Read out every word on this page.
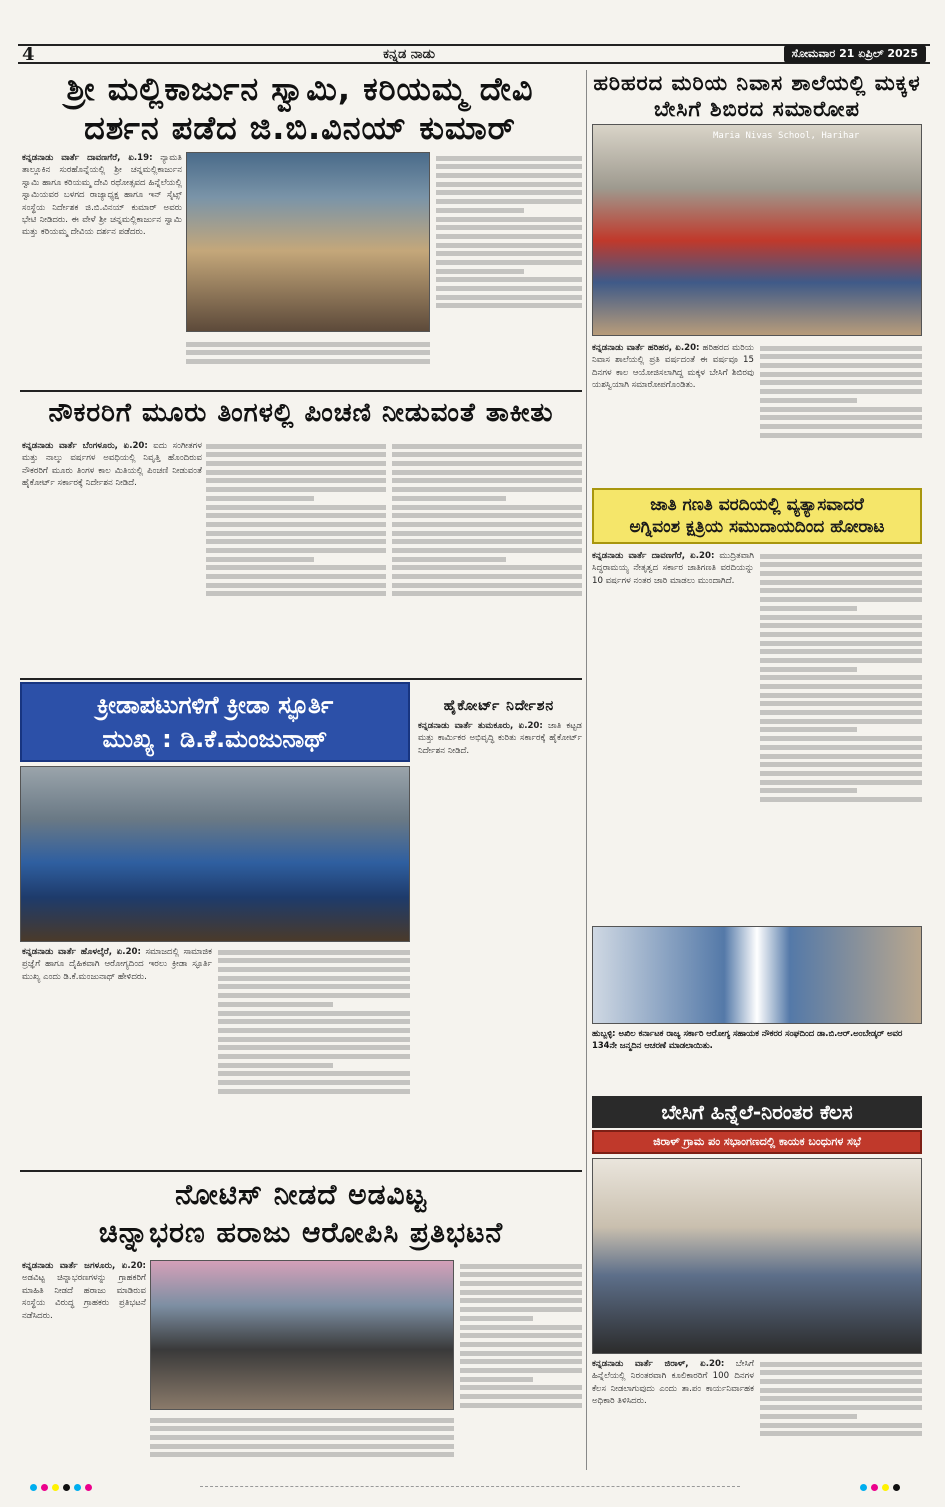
4	ಕನ್ನಡ ನಾಡು	ಸೋಮವಾರ 21 ಏಪ್ರಿಲ್ 2025
ಶ್ರೀ ಮಲ್ಲಿಕಾರ್ಜುನ ಸ್ವಾಮಿ, ಕರಿಯಮ್ಮ ದೇವಿ
ದರ್ಶನ ಪಡೆದ ಜಿ.ಬಿ.ವಿನಯ್ ಕುಮಾರ್
ಕನ್ನಡನಾಡು ವಾರ್ತೆ ದಾವಣಗೆರೆ, ಏ.19: ನ್ಯಾಮತಿ ತಾಲ್ಲೂಕಿನ ಸುರಹೊನ್ನೆಯಲ್ಲಿ ಶ್ರೀ ಚನ್ನಮಲ್ಲಿಕಾರ್ಜುನ ಸ್ವಾಮಿ ಹಾಗೂ ಕರಿಯಮ್ಮ ದೇವಿ ರಥೋತ್ಸವದ ಹಿನ್ನೆಲೆಯಲ್ಲಿ ಸ್ವಾಮಿಯವರ ಬಳಗದ ರಾಜ್ಯಾಧ್ಯಕ್ಷ ಹಾಗೂ ಇನ್ ಸೈಟ್ಸ್ ಸಂಸ್ಥೆಯ ನಿರ್ದೇಶಕ ಜಿ.ಬಿ.ವಿನಯ್ ಕುಮಾರ್ ಅವರು ಭೇಟಿ ನೀಡಿದರು. ಈ ವೇಳೆ ಶ್ರೀ ಚನ್ನಮಲ್ಲಿಕಾರ್ಜುನ ಸ್ವಾಮಿ ಮತ್ತು ಕರಿಯಮ್ಮ ದೇವಿಯ ದರ್ಶನ ಪಡೆದರು.
ನೌಕರರಿಗೆ ಮೂರು ತಿಂಗಳಲ್ಲಿ ಪಿಂಚಣಿ ನೀಡುವಂತೆ ತಾಕೀತು
ಕನ್ನಡನಾಡು ವಾರ್ತೆ ಬೆಂಗಳೂರು, ಏ.20: ಐದು ಸಂಗೀತಗಳ ಮತ್ತು ನಾಲ್ಕು ವರ್ಷಗಳ ಅವಧಿಯಲ್ಲಿ ನಿವೃತ್ತಿ ಹೊಂದಿರುವ ನೌಕರರಿಗೆ ಮೂರು ತಿಂಗಳ ಕಾಲ ಮಿತಿಯಲ್ಲಿ ಪಿಂಚಣಿ ನೀಡುವಂತೆ ಹೈಕೋರ್ಟ್ ಸರ್ಕಾರಕ್ಕೆ ನಿರ್ದೇಶನ ನೀಡಿದೆ.
ಹರಿಹರದ ಮರಿಯ ನಿವಾಸ ಶಾಲೆಯಲ್ಲಿ ಮಕ್ಕಳ ಬೇಸಿಗೆ ಶಿಬಿರದ ಸಮಾರೋಪ
Maria Nivas School, Harihar
ಕನ್ನಡನಾಡು ವಾರ್ತೆ ಹರಿಹರ, ಏ.20: ಹರಿಹರದ ಮರಿಯ ನಿವಾಸ ಶಾಲೆಯಲ್ಲಿ ಪ್ರತಿ ವರ್ಷದಂತೆ ಈ ವರ್ಷವೂ 15 ದಿನಗಳ ಕಾಲ ಆಯೋಜಿಸಲಾಗಿದ್ದ ಮಕ್ಕಳ ಬೇಸಿಗೆ ಶಿಬಿರವು ಯಶಸ್ವಿಯಾಗಿ ಸಮಾರೋಪಗೊಂಡಿತು.
ಜಾತಿ ಗಣತಿ ವರದಿಯಲ್ಲಿ ವ್ಯತ್ಯಾಸವಾದರೆ
ಅಗ್ನಿವಂಶ ಕ್ಷತ್ರಿಯ ಸಮುದಾಯದಿಂದ ಹೋರಾಟ
ಕನ್ನಡನಾಡು ವಾರ್ತೆ ದಾವಣಗೆರೆ, ಏ.20: ಮುದ್ರಿತವಾಗಿ ಸಿದ್ಧರಾಮಯ್ಯ ನೇತೃತ್ವದ ಸರ್ಕಾರ ಜಾತಿಗಣತಿ ವರದಿಯನ್ನು 10 ವರ್ಷಗಳ ನಂತರ ಜಾರಿ ಮಾಡಲು ಮುಂದಾಗಿದೆ.
ಕ್ರೀಡಾಪಟುಗಳಿಗೆ ಕ್ರೀಡಾ ಸ್ಫೂರ್ತಿ
ಮುಖ್ಯ : ಡಿ.ಕೆ.ಮಂಜುನಾಥ್
ಕನ್ನಡನಾಡು ವಾರ್ತೆ ಹೊಳಲ್ಕೆರೆ, ಏ.20: ಸಮಾಜದಲ್ಲಿ ಸಾಮಾಜಿಕ ಪ್ರಜ್ಞೆಗೆ ಹಾಗೂ ದೈಹಿಕವಾಗಿ ಆರೋಗ್ಯದಿಂದ ಇರಲು ಕ್ರೀಡಾ ಸ್ಫೂರ್ತಿ ಮುಖ್ಯ ಎಂದು ಡಿ.ಕೆ.ಮಂಜುನಾಥ್ ಹೇಳಿದರು.
ಹೈಕೋರ್ಟ್ ನಿರ್ದೇಶನ
ಕನ್ನಡನಾಡು ವಾರ್ತೆ ತುಮಕೂರು, ಏ.20: ಜಾತಿ ಕಟ್ಟಡ ಮತ್ತು ಕಾರ್ಮಿಕರ ಅಭಿವೃದ್ಧಿ ಕುರಿತು ಸರ್ಕಾರಕ್ಕೆ ಹೈಕೋರ್ಟ್ ನಿರ್ದೇಶನ ನೀಡಿದೆ.
ಹುಬ್ಬಳ್ಳಿ: ಅಖಿಲ ಕರ್ನಾಟಕ ರಾಜ್ಯ ಸರ್ಕಾರಿ ಆರೋಗ್ಯ ಸಹಾಯಕ ನೌಕರರ ಸಂಘದಿಂದ ಡಾ.ಬಿ.ಆರ್.ಅಂಬೇಡ್ಕರ್ ಅವರ 134ನೇ ಜನ್ಮದಿನ ಆಚರಣೆ ಮಾಡಲಾಯಿತು.
ಬೇಸಿಗೆ ಹಿನ್ನೆಲೆ-ನಿರಂತರ ಕೆಲಸ
ಜಿರಾಳ್ ಗ್ರಾಮ ಪಂ ಸಭಾಂಗಣದಲ್ಲಿ ಕಾಯಕ ಬಂಧುಗಳ ಸಭೆ
ಕನ್ನಡನಾಡು ವಾರ್ತೆ ಜಿರಾಳ್, ಏ.20: ಬೇಸಿಗೆ ಹಿನ್ನೆಲೆಯಲ್ಲಿ ನಿರಂತರವಾಗಿ ಕೂಲಿಕಾರರಿಗೆ 100 ದಿನಗಳ ಕೆಲಸ ನೀಡಲಾಗುವುದು ಎಂದು ತಾ.ಪಂ ಕಾರ್ಯನಿರ್ವಾಹಕ ಅಧಿಕಾರಿ ತಿಳಿಸಿದರು.
ನೋಟಿಸ್ ನೀಡದೆ ಅಡವಿಟ್ಟ
ಚಿನ್ನಾಭರಣ ಹರಾಜು ಆರೋಪಿಸಿ ಪ್ರತಿಭಟನೆ
ಕನ್ನಡನಾಡು ವಾರ್ತೆ ಜಗಳೂರು, ಏ.20: ಅಡವಿಟ್ಟ ಚಿನ್ನಾಭರಣಗಳನ್ನು ಗ್ರಾಹಕರಿಗೆ ಮಾಹಿತಿ ನೀಡದೆ ಹರಾಜು ಮಾಡಿರುವ ಸಂಸ್ಥೆಯ ವಿರುದ್ಧ ಗ್ರಾಹಕರು ಪ್ರತಿಭಟನೆ ನಡೆಸಿದರು.
